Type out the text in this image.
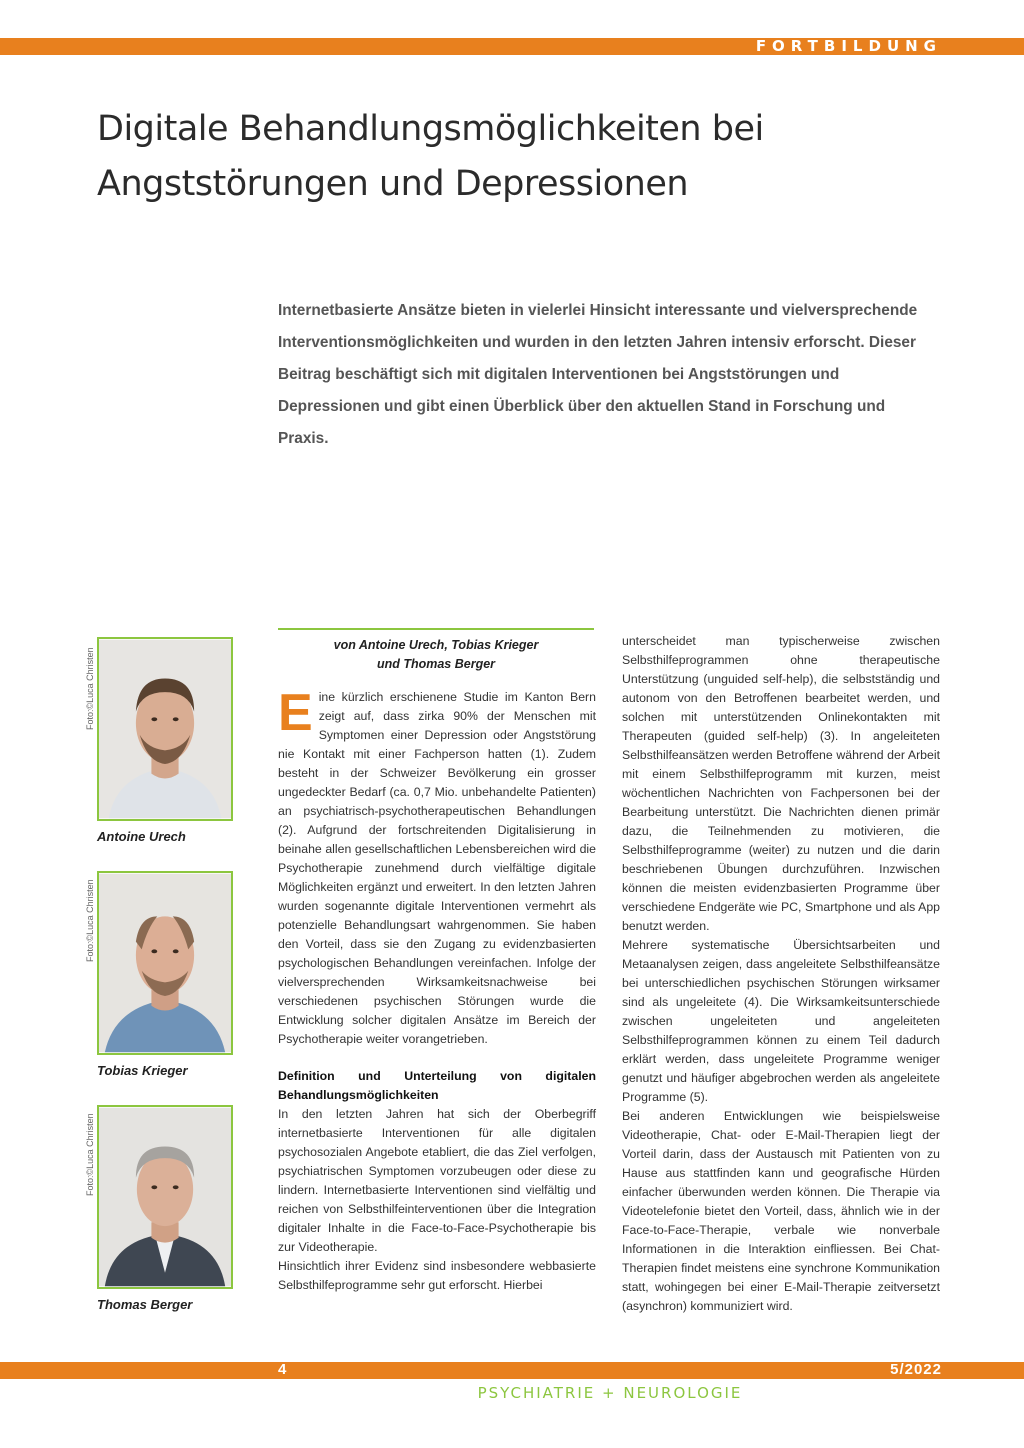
FORTBILDUNG
Digitale Behandlungsmöglichkeiten bei
Angststörungen und Depressionen

Internetbasierte Ansätze bieten in vielerlei Hinsicht interessante und vielversprechende Interventionsmöglichkeiten und wurden in den letzten Jahren intensiv erforscht. Dieser Beitrag beschäftigt sich mit digitalen Interventionen bei Angststörungen und Depressionen und gibt einen Überblick über den aktuellen Stand in Forschung und Praxis.

Foto:©Luca Christen
Antoine Urech
Foto:©Luca Christen
Tobias Krieger
Foto:©Luca Christen
Thomas Berger
von Antoine Urech, Tobias Krieger
und Thomas Berger

Eine kürzlich erschienene Studie im Kanton Bern zeigt auf, dass zirka 90% der Menschen mit Symptomen einer Depression oder Angststörung nie Kontakt mit einer Fachperson hatten (1). Zudem besteht in der Schweizer Bevölkerung ein grosser ungedeckter Bedarf (ca. 0,7 Mio. unbehandelte Patienten) an psychiatrisch-psychotherapeutischen Behandlungen (2). Aufgrund der fortschreitenden Digitalisierung in beinahe allen gesellschaftlichen Lebensbereichen wird die Psychotherapie zunehmend durch vielfältige digitale Möglichkeiten ergänzt und erweitert. In den letzten Jahren wurden sogenannte digitale Interventionen vermehrt als potenzielle Behandlungsart wahrgenommen. Sie haben den Vorteil, dass sie den Zugang zu evidenzbasierten psychologischen Behandlungen vereinfachen. Infolge der vielversprechenden Wirksamkeitsnachweise bei verschiedenen psychischen Störungen wurde die Entwicklung solcher digitalen Ansätze im Bereich der Psychotherapie weiter vorangetrieben.

Definition und Unterteilung von digitalen Behandlungsmöglichkeiten

In den letzten Jahren hat sich der Oberbegriff internetbasierte Interventionen für alle digitalen psychosozialen Angebote etabliert, die das Ziel verfolgen, psychiatrischen Symptomen vorzubeugen oder diese zu lindern. Internetbasierte Interventionen sind vielfältig und reichen von Selbsthilfeinterventionen über die Integration digitaler Inhalte in die Face-to-Face-Psychotherapie bis zur Videotherapie.

Hinsichtlich ihrer Evidenz sind insbesondere webbasierte Selbsthilfeprogramme sehr gut erforscht. Hierbei

unterscheidet man typischerweise zwischen Selbsthilfeprogrammen ohne therapeutische Unterstützung (unguided self-help), die selbstständig und autonom von den Betroffenen bearbeitet werden, und solchen mit unterstützenden Onlinekontakten mit Therapeuten (guided self-help) (3). In angeleiteten Selbsthilfeansätzen werden Betroffene während der Arbeit mit einem Selbsthilfeprogramm mit kurzen, meist wöchentlichen Nachrichten von Fachpersonen bei der Bearbeitung unterstützt. Die Nachrichten dienen primär dazu, die Teilnehmenden zu motivieren, die Selbsthilfeprogramme (weiter) zu nutzen und die darin beschriebenen Übungen durchzuführen. Inzwischen können die meisten evidenzbasierten Programme über verschiedene Endgeräte wie PC, Smartphone und als App benutzt werden.

Mehrere systematische Übersichtsarbeiten und Metaanalysen zeigen, dass angeleitete Selbsthilfeansätze bei unterschiedlichen psychischen Störungen wirksamer sind als ungeleitete (4). Die Wirksamkeitsunterschiede zwischen ungeleiteten und angeleiteten Selbsthilfeprogrammen können zu einem Teil dadurch erklärt werden, dass ungeleitete Programme weniger genutzt und häufiger abgebrochen werden als angeleitete Programme (5).

Bei anderen Entwicklungen wie beispielsweise Videotherapie, Chat- oder E-Mail-Therapien liegt der Vorteil darin, dass der Austausch mit Patienten von zu Hause aus stattfinden kann und geografische Hürden einfacher überwunden werden können. Die Therapie via Videotelefonie bietet den Vorteil, dass, ähnlich wie in der Face-to-Face-Therapie, verbale wie nonverbale Informationen in die Interaktion einfliessen. Bei Chat-Therapien findet meistens eine synchrone Kommunikation statt, wohingegen bei einer E-Mail-Therapie zeitversetzt (asynchron) kommuniziert wird.

4	5/2022
PSYCHIATRIE + NEUROLOGIE
